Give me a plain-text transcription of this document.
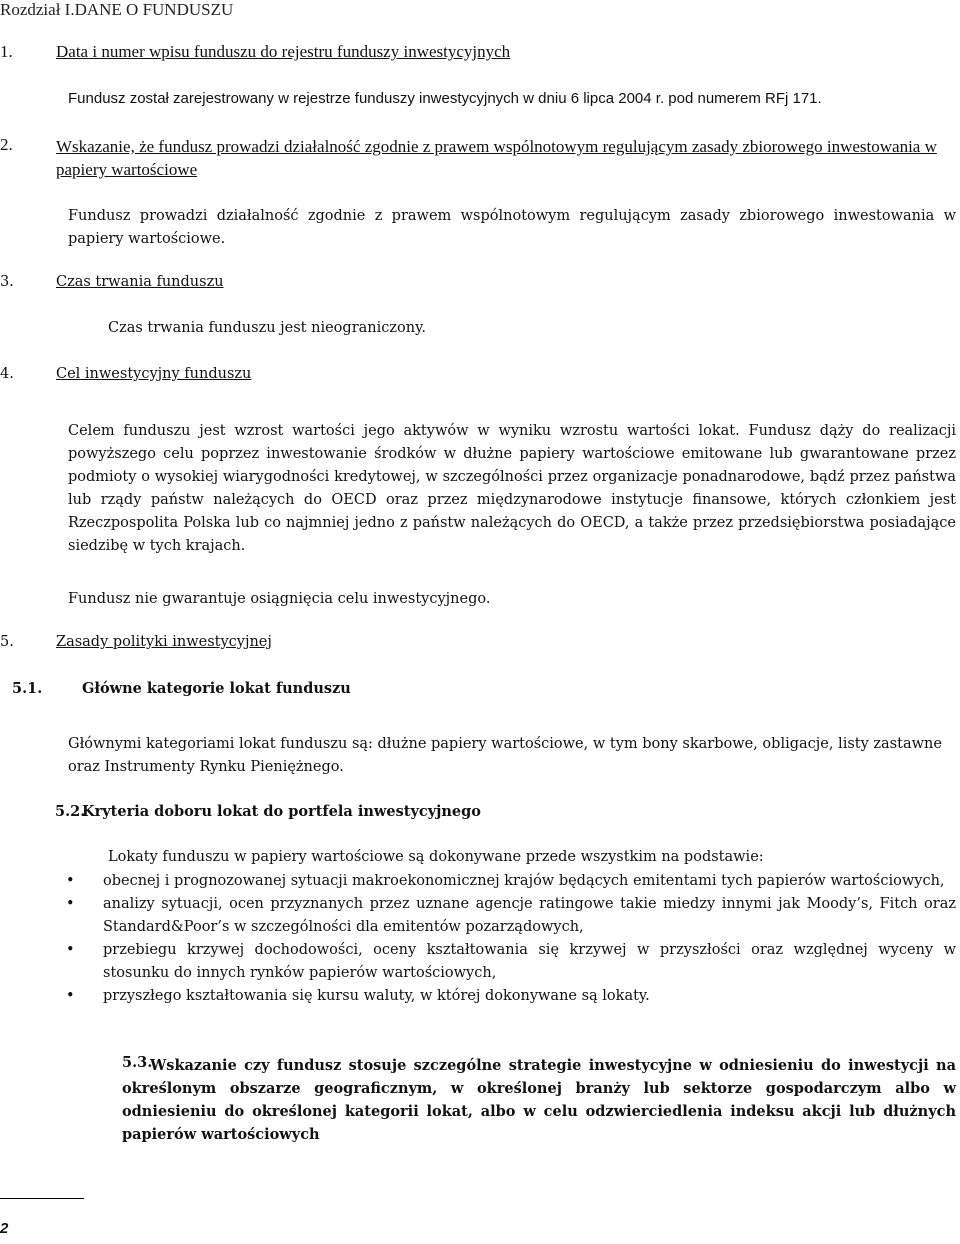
Rozdział I.DANE O FUNDUSZU
1.	Data i numer wpisu funduszu do rejestru funduszy inwestycyjnych
Fundusz został zarejestrowany w rejestrze funduszy inwestycyjnych w dniu 6 lipca 2004 r. pod numerem RFj 171.
2.	Wskazanie, że fundusz prowadzi działalność zgodnie z prawem wspólnotowym regulującym zasady zbiorowego inwestowania w papiery wartościowe
Fundusz prowadzi działalność zgodnie z prawem wspólnotowym regulującym zasady zbiorowego inwestowania w papiery wartościowe.
3.	Czas trwania funduszu
Czas trwania funduszu jest nieograniczony.
4.	Cel inwestycyjny funduszu
Celem funduszu jest wzrost wartości jego aktywów w wyniku wzrostu wartości lokat. Fundusz dąży do realizacji powyższego celu poprzez inwestowanie środków w dłużne papiery wartościowe emitowane lub gwarantowane przez podmioty o wysokiej wiarygodności kredytowej, w szczególności przez organizacje ponadnarodowe, bądź przez państwa lub rządy państw należących do OECD oraz przez międzynarodowe instytucje finansowe, których członkiem jest Rzeczpospolita Polska lub co najmniej jedno z państw należących do OECD, a także przez przedsiębiorstwa posiadające siedzibę w tych krajach.
Fundusz nie gwarantuje osiągnięcia celu inwestycyjnego.
5.	Zasady polityki inwestycyjnej
5.1.	Główne kategorie lokat funduszu
Głównymi kategoriami lokat funduszu są: dłużne papiery wartościowe, w tym bony skarbowe, obligacje, listy zastawne oraz Instrumenty Rynku Pieniężnego.
5.2.
Kryteria doboru lokat do portfela inwestycyjnego
Lokaty funduszu w papiery wartościowe są dokonywane przede wszystkim na podstawie:
• obecnej i prognozowanej sytuacji makroekonomicznej krajów będących emitentami tych papierów wartościowych,
• analizy sytuacji, ocen przyznanych przez uznane agencje ratingowe takie miedzy innymi jak Moody’s, Fitch oraz Standard&Poor’s w szczególności dla emitentów pozarządowych,
• przebiegu krzywej dochodowości, oceny kształtowania się krzywej w przyszłości oraz względnej wyceny w stosunku do innych rynków papierów wartościowych,
• przyszłego kształtowania się kursu waluty, w której dokonywane są lokaty.
5.3.
Wskazanie czy fundusz stosuje szczególne strategie inwestycyjne w odniesieniu do inwestycji na określonym obszarze geograficznym, w określonej branży lub sektorze gospodarczym albo w odniesieniu do określonej kategorii lokat, albo w celu odzwierciedlenia indeksu akcji lub dłużnych papierów wartościowych
2
